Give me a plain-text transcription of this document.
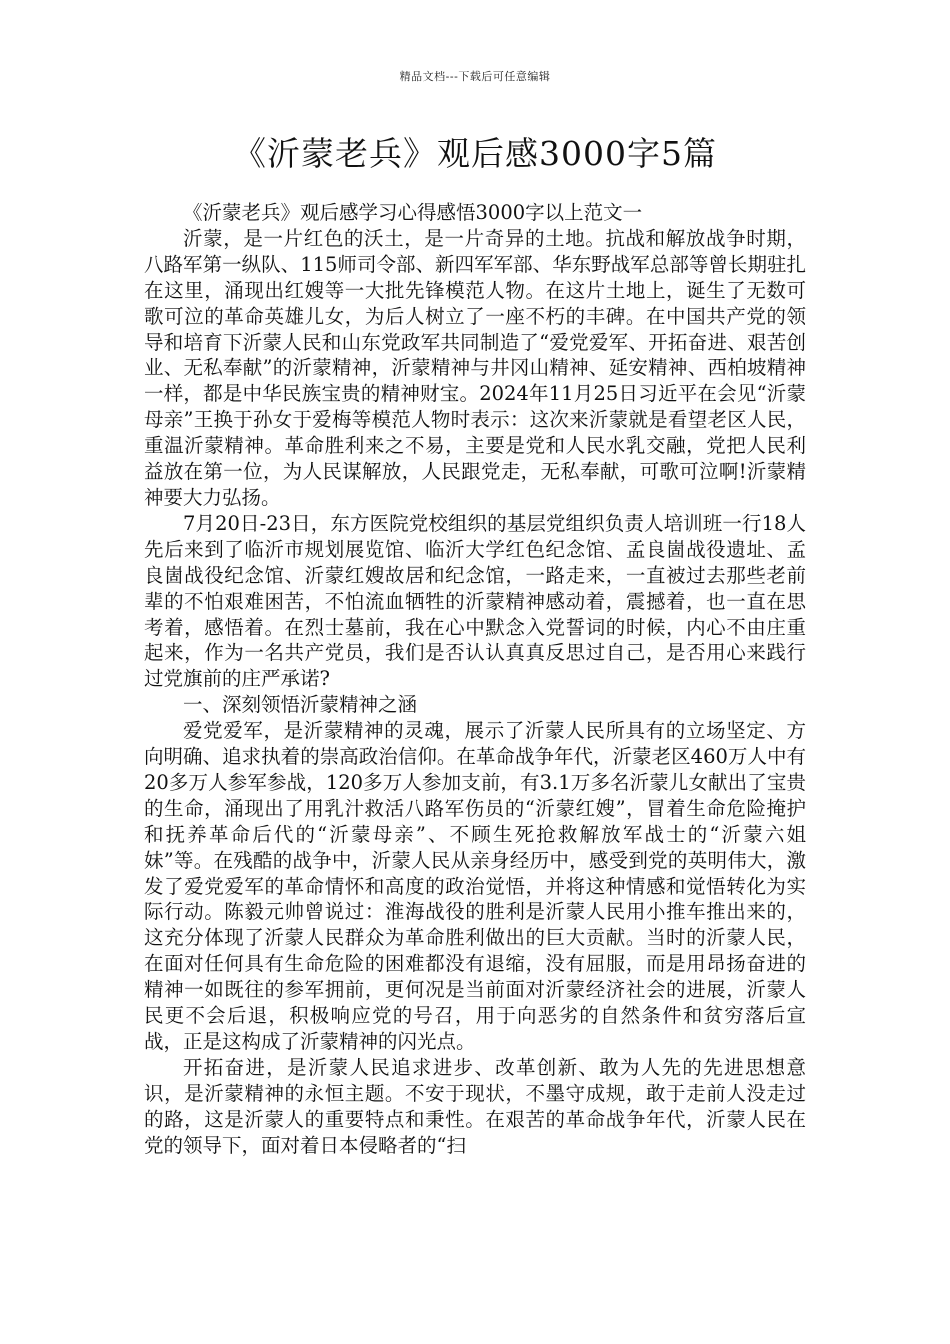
精品文档---下载后可任意编辑
《沂蒙老兵》观后感3000字5篇

《沂蒙老兵》观后感学习心得感悟3000字以上范文一

沂蒙，是一片红色的沃土，是一片奇异的土地。抗战和解放战争时期，八路军第一纵队、115师司令部、新四军军部、华东野战军总部等曾长期驻扎在这里，涌现出红嫂等一大批先锋模范人物。在这片土地上，诞生了无数可歌可泣的革命英雄儿女，为后人树立了一座不朽的丰碑。在中国共产党的领导和培育下沂蒙人民和山东党政军共同制造了“爱党爱军、开拓奋进、艰苦创业、无私奉献”的沂蒙精神，沂蒙精神与井冈山精神、延安精神、西柏坡精神一样，都是中华民族宝贵的精神财宝。2024年11月25日习近平在会见“沂蒙母亲”王换于孙女于爱梅等模范人物时表示：这次来沂蒙就是看望老区人民，重温沂蒙精神。革命胜利来之不易，主要是党和人民水乳交融，党把人民利益放在第一位，为人民谋解放，人民跟党走，无私奉献，可歌可泣啊!沂蒙精神要大力弘扬。

7月20日-23日，东方医院党校组织的基层党组织负责人培训班一行18人先后来到了临沂市规划展览馆、临沂大学红色纪念馆、孟良崮战役遗址、孟良崮战役纪念馆、沂蒙红嫂故居和纪念馆，一路走来，一直被过去那些老前辈的不怕艰难困苦，不怕流血牺牲的沂蒙精神感动着，震撼着，也一直在思考着，感悟着。在烈士墓前，我在心中默念入党誓词的时候，内心不由庄重起来，作为一名共产党员，我们是否认认真真反思过自己，是否用心来践行过党旗前的庄严承诺?

一、深刻领悟沂蒙精神之涵

爱党爱军，是沂蒙精神的灵魂，展示了沂蒙人民所具有的立场坚定、方向明确、追求执着的崇高政治信仰。在革命战争年代，沂蒙老区460万人中有20多万人参军参战，120多万人参加支前，有3.1万多名沂蒙儿女献出了宝贵的生命，涌现出了用乳汁救活八路军伤员的“沂蒙红嫂”，冒着生命危险掩护和抚养革命后代的“沂蒙母亲”、不顾生死抢救解放军战士的“沂蒙六姐妹”等。在残酷的战争中，沂蒙人民从亲身经历中，感受到党的英明伟大，激发了爱党爱军的革命情怀和高度的政治觉悟，并将这种情感和觉悟转化为实际行动。陈毅元帅曾说过：淮海战役的胜利是沂蒙人民用小推车推出来的，这充分体现了沂蒙人民群众为革命胜利做出的巨大贡献。当时的沂蒙人民，在面对任何具有生命危险的困难都没有退缩，没有屈服，而是用昂扬奋进的精神一如既往的参军拥前，更何况是当前面对沂蒙经济社会的进展，沂蒙人民更不会后退，积极响应党的号召，用于向恶劣的自然条件和贫穷落后宣战，正是这构成了沂蒙精神的闪光点。

开拓奋进，是沂蒙人民追求进步、改革创新、敢为人先的先进思想意识，是沂蒙精神的永恒主题。不安于现状，不墨守成规，敢于走前人没走过的路，这是沂蒙人的重要特点和秉性。在艰苦的革命战争年代，沂蒙人民在党的领导下，面对着日本侵略者的“扫
